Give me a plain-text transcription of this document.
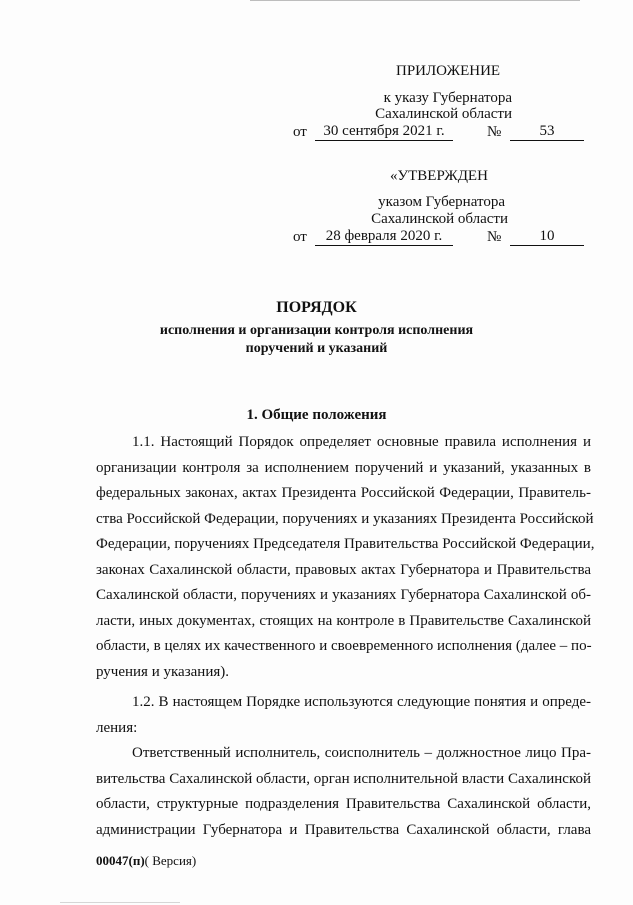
ПРИЛОЖЕНИЕ
к указу Губернатора
Сахалинской области
от	30 сентября 2021 г.	№	53
«УТВЕРЖДЕН
указом Губернатора
Сахалинской области
от	28 февраля 2020 г.	№	10
ПОРЯДОК
исполнения и организации контроля исполнения
поручений и указаний
1. Общие положения
1.1. Настоящий Порядок определяет основные правила исполнения и
организации контроля за исполнением поручений и указаний, указанных в
федеральных законах, актах Президента Российской Федерации, Правитель-
ства Российской Федерации, поручениях и указаниях Президента Российской
Федерации, поручениях Председателя Правительства Российской Федерации,
законах Сахалинской области, правовых актах Губернатора и Правительства
Сахалинской области, поручениях и указаниях Губернатора Сахалинской об-
ласти, иных документах, стоящих на контроле в Правительстве Сахалинской
области, в целях их качественного и своевременного исполнения (далее – по-
ручения и указания).
1.2. В настоящем Порядке используются следующие понятия и опреде-
ления:
Ответственный исполнитель, соисполнитель – должностное лицо Пра-
вительства Сахалинской области, орган исполнительной власти Сахалинской
области, структурные подразделения Правительства Сахалинской области,
администрации Губернатора и Правительства Сахалинской области, глава
00047(п)( Версия)
